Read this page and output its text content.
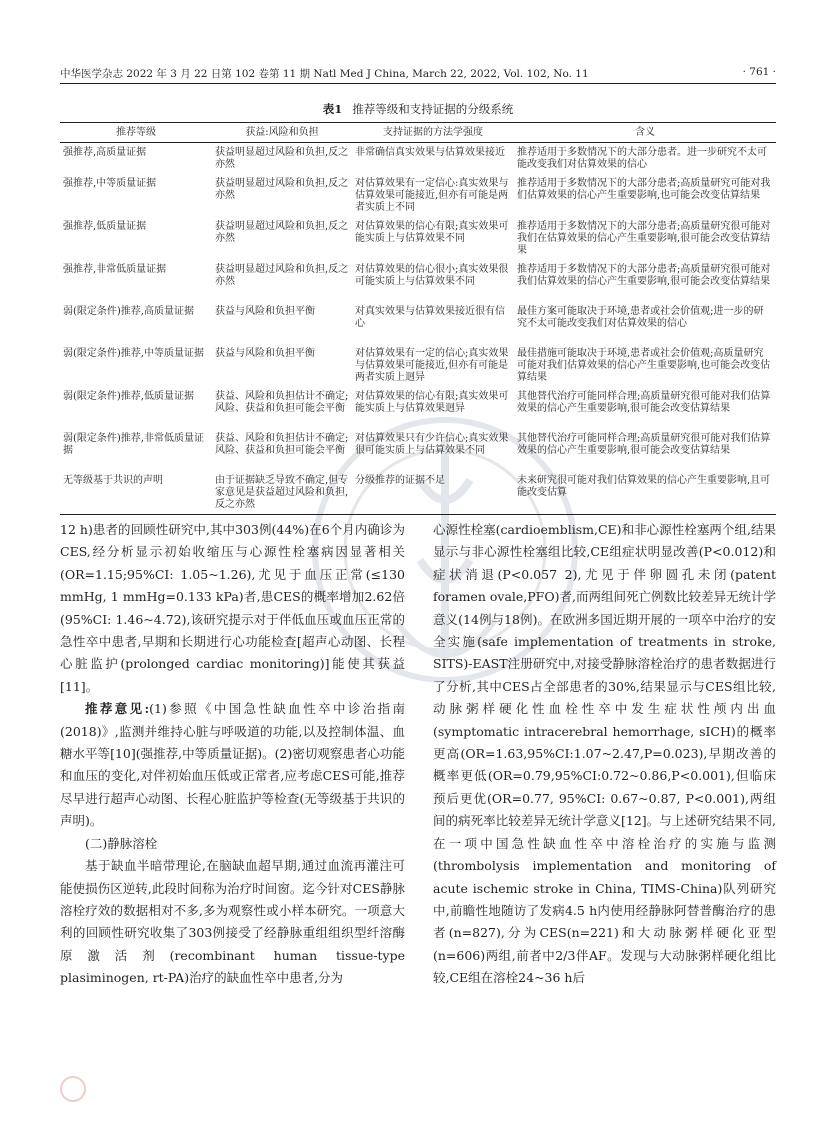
中华医学杂志 2022 年 3 月 22 日第 102 卷第 11 期 Natl Med J China, March 22, 2022, Vol. 102, No. 11	· 761 ·
表1 推荐等级和支持证据的分级系统
推荐等级	获益:风险和负担	支持证据的方法学强度	含义
强推荐,高质量证据	获益明显超过风险和负担,反之亦然	非常确信真实效果与估算效果接近	推荐适用于多数情况下的大部分患者。进一步研究不太可能改变我们对估算效果的信心
强推荐,中等质量证据	获益明显超过风险和负担,反之亦然	对估算效果有一定信心:真实效果与估算效果可能接近,但亦有可能是两者实质上不同	推荐适用于多数情况下的大部分患者;高质量研究可能对我们估算效果的信心产生重要影响,也可能会改变估算结果
强推荐,低质量证据	获益明显超过风险和负担,反之亦然	对估算效果的信心有限;真实效果可能实质上与估算效果不同	推荐适用于多数情况下的大部分患者;高质量研究很可能对我们在估算效果的信心产生重要影响,很可能会改变估算结果
强推荐,非常低质量证据	获益明显超过风险和负担,反之亦然	对估算效果的信心很小;真实效果很可能实质上与估算效果不同	推荐适用于多数情况下的大部分患者;高质量研究很可能对我们估算效果的信心产生重要影响,很可能会改变估算结果
弱(限定条件)推荐,高质量证据	获益与风险和负担平衡	对真实效果与估算效果接近很有信心	最佳方案可能取决于环境,患者或社会价值观;进一步的研究不太可能改变我们对估算效果的信心
弱(限定条件)推荐,中等质量证据	获益与风险和负担平衡	对估算效果有一定的信心;真实效果与估算效果可能接近,但亦有可能是两者实质上迥异	最佳措施可能取决于环境,患者或社会价值观;高质量研究可能对我们估算效果的信心产生重要影响,也可能会改变估算结果
弱(限定条件)推荐,低质量证据	获益、风险和负担估计不确定;风险、获益和负担可能会平衡	对估算效果的信心有限;真实效果可能实质上与估算效果迥异	其他替代治疗可能同样合理;高质量研究很可能对我们估算效果的信心产生重要影响,很可能会改变估算结果
弱(限定条件)推荐,非常低质量证据	获益、风险和负担估计不确定;风险、获益和负担可能会平衡	对估算效果只有少许信心;真实效果很可能实质上与估算效果不同	其他替代治疗可能同样合理;高质量研究很可能对我们估算效果的信心产生重要影响,很可能会改变估算结果
无等级基于共识的声明	由于证据缺乏导致不确定,但专家意见是获益超过风险和负担,反之亦然	分级推荐的证据不足	未来研究很可能对我们估算效果的信心产生重要影响,且可能改变估算

12 h)患者的回顾性研究中,其中303例(44%)在6个月内确诊为CES,经分析显示初始收缩压与心源性栓塞病因显著相关(OR=1.15;95%CI: 1.05~1.26),尤见于血压正常(≤130 mmHg, 1 mmHg=0.133 kPa)者,患CES的概率增加2.62倍(95%CI: 1.46~4.72),该研究提示对于伴低血压或血压正常的急性卒中患者,早期和长期进行心功能检查[超声心动图、长程心脏监护(prolonged cardiac monitoring)]能使其获益[11]。

推荐意见:(1)参照《中国急性缺血性卒中诊治指南(2018)》,监测并维持心脏与呼吸道的功能,以及控制体温、血糖水平等[10](强推荐,中等质量证据)。(2)密切观察患者心功能和血压的变化,对伴初始血压低或正常者,应考虑CES可能,推荐尽早进行超声心动图、长程心脏监护等检查(无等级基于共识的声明)。

(二)静脉溶栓

基于缺血半暗带理论,在脑缺血超早期,通过血流再灌注可能使损伤区逆转,此段时间称为治疗时间窗。迄今针对CES静脉溶栓疗效的数据相对不多,多为观察性或小样本研究。一项意大利的回顾性研究收集了303例接受了经静脉重组组织型纤溶酶原激活剂(recombinant human tissue-type plasiminogen, rt-PA)治疗的缺血性卒中患者,分为

心源性栓塞(cardioemblism,CE)和非心源性栓塞两个组,结果显示与非心源性栓塞组比较,CE组症状明显改善(P<0.012)和症状消退(P<0.057 2),尤见于伴卵圆孔未闭(patent foramen ovale,PFO)者,而两组间死亡例数比较差异无统计学意义(14例与18例)。在欧洲多国近期开展的一项卒中治疗的安全实施(safe implementation of treatments in stroke, SITS)-EAST注册研究中,对接受静脉溶栓治疗的患者数据进行了分析,其中CES占全部患者的30%,结果显示与CES组比较,动脉粥样硬化性血栓性卒中发生症状性颅内出血(symptomatic intracerebral hemorrhage, sICH)的概率更高(OR=1.63,95%CI:1.07~2.47,P=0.023),早期改善的概率更低(OR=0.79,95%CI:0.72~0.86,P<0.001),但临床预后更优(OR=0.77, 95%CI: 0.67~0.87, P<0.001),两组间的病死率比较差异无统计学意义[12]。与上述研究结果不同,在一项中国急性缺血性卒中溶栓治疗的实施与监测(thrombolysis implementation and monitoring of acute ischemic stroke in China, TIMS-China)队列研究中,前瞻性地随访了发病4.5 h内使用经静脉阿替普酶治疗的患者(n=827),分为CES(n=221)和大动脉粥样硬化亚型(n=606)两组,前者中2/3伴AF。发现与大动脉粥样硬化组比较,CE组在溶栓24~36 h后
